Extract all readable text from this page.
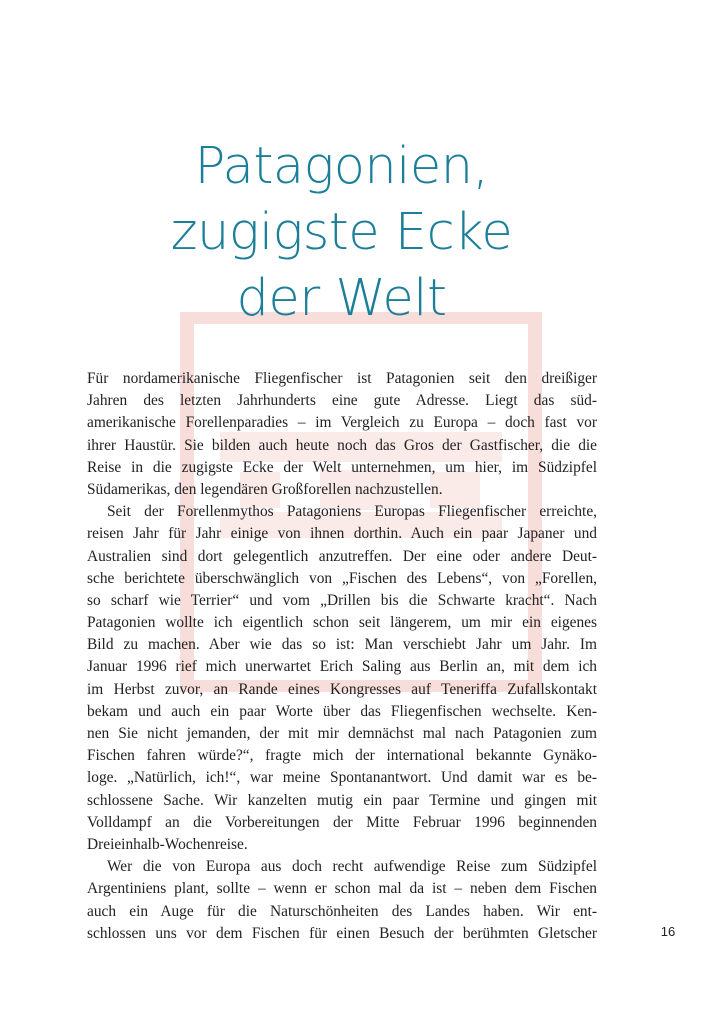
Patagonien,
zugigste Ecke
der Welt
Für nordamerikanische Fliegenfischer ist Patagonien seit den dreißiger
Jahren des letzten Jahrhunderts eine gute Adresse. Liegt das süd-
amerikanische Forellenparadies – im Vergleich zu Europa – doch fast vor
ihrer Haustür. Sie bilden auch heute noch das Gros der Gastfischer, die die
Reise in die zugigste Ecke der Welt unternehmen, um hier, im Südzipfel
Südamerikas, den legendären Großforellen nachzustellen.
Seit der Forellenmythos Patagoniens Europas Fliegenfischer erreichte,
reisen Jahr für Jahr einige von ihnen dorthin. Auch ein paar Japaner und
Australien sind dort gelegentlich anzutreffen. Der eine oder andere Deut-
sche berichtete überschwänglich von „Fischen des Lebens“, von „Forellen,
so scharf wie Terrier“ und vom „Drillen bis die Schwarte kracht“. Nach
Patagonien wollte ich eigentlich schon seit längerem, um mir ein eigenes
Bild zu machen. Aber wie das so ist: Man verschiebt Jahr um Jahr. Im
Januar 1996 rief mich unerwartet Erich Saling aus Berlin an, mit dem ich
im Herbst zuvor, an Rande eines Kongresses auf Teneriffa Zufallskontakt
bekam und auch ein paar Worte über das Fliegenfischen wechselte. Ken-
nen Sie nicht jemanden, der mit mir demnächst mal nach Patagonien zum
Fischen fahren würde?“, fragte mich der international bekannte Gynäko-
loge. „Natürlich, ich!“, war meine Spontanantwort. Und damit war es be-
schlossene Sache. Wir kanzelten mutig ein paar Termine und gingen mit
Volldampf an die Vorbereitungen der Mitte Februar 1996 beginnenden
Dreieinhalb-Wochenreise.
Wer die von Europa aus doch recht aufwendige Reise zum Südzipfel
Argentiniens plant, sollte – wenn er schon mal da ist – neben dem Fischen
auch ein Auge für die Naturschönheiten des Landes haben. Wir ent-
schlossen uns vor dem Fischen für einen Besuch der berühmten Gletscher	16
